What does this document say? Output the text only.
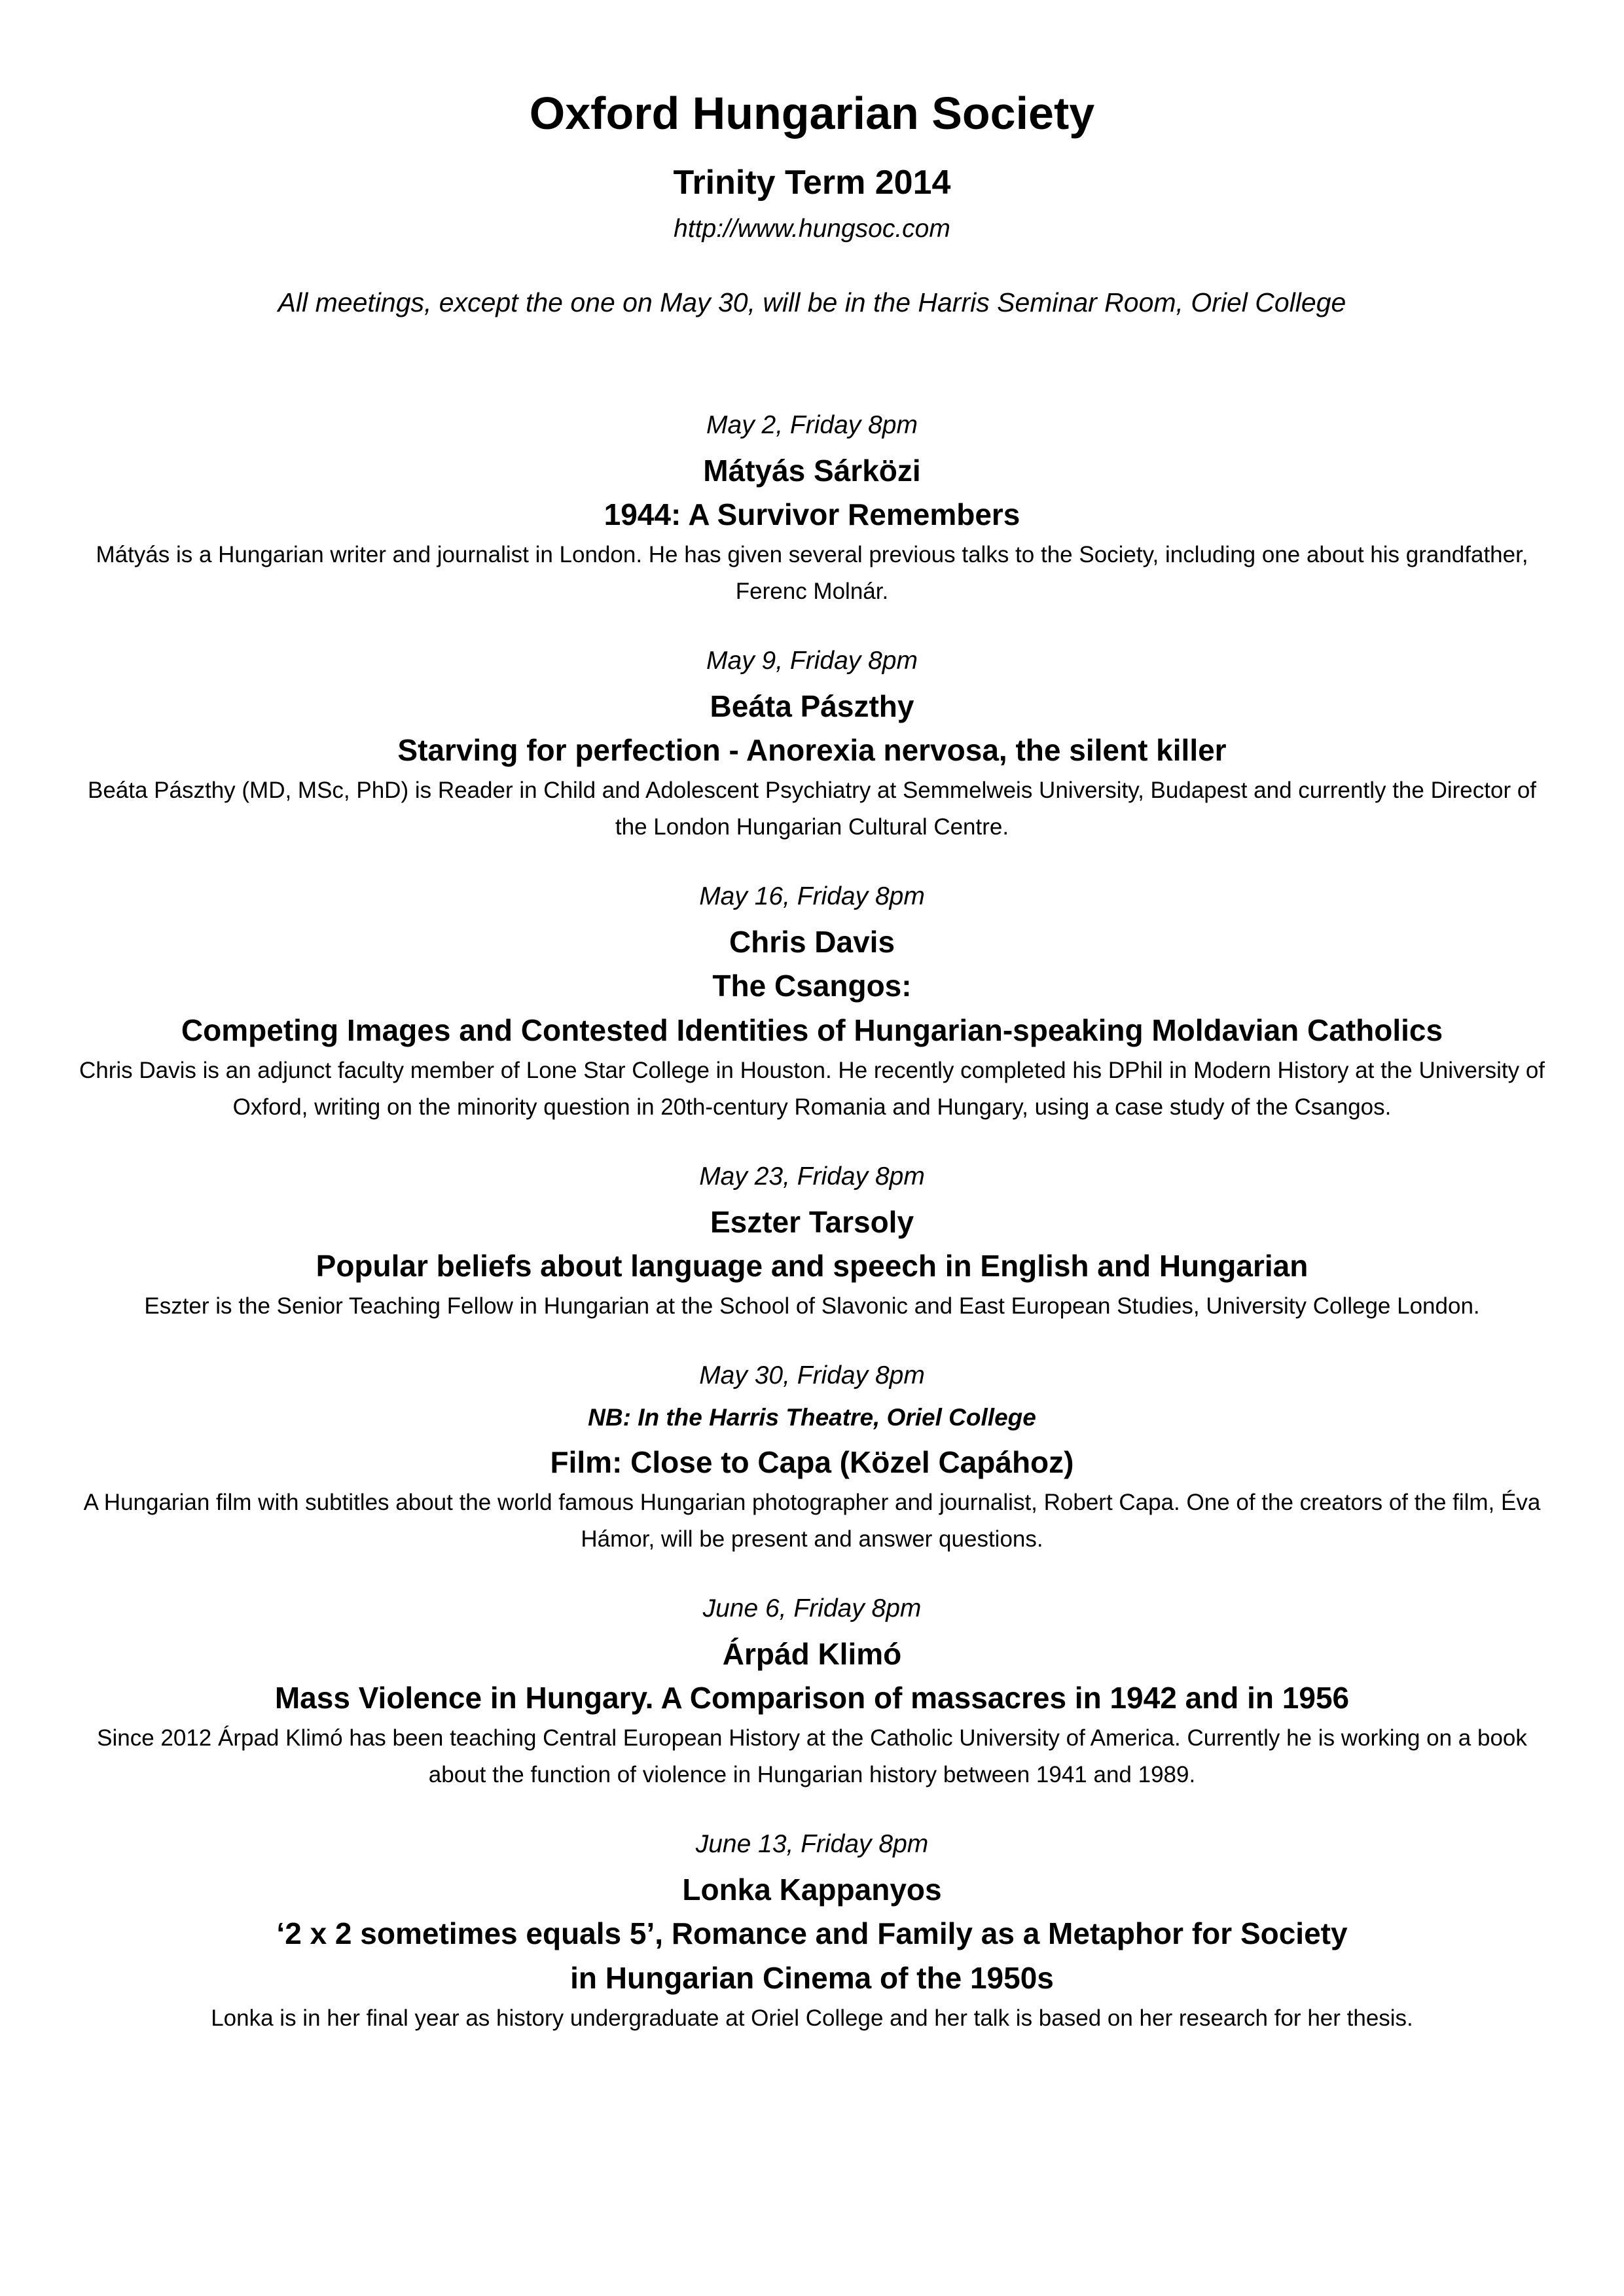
Oxford Hungarian Society
Trinity Term 2014
http://www.hungsoc.com
All meetings, except the one on May 30, will be in the Harris Seminar Room, Oriel College
May 2, Friday 8pm
Mátyás Sárközi
1944: A Survivor Remembers
Mátyás is a Hungarian writer and journalist in London. He has given several previous talks to the Society, including one about his grandfather, Ferenc Molnár.
May 9, Friday 8pm
Beáta Pászthy
Starving for perfection - Anorexia nervosa, the silent killer
Beáta Pászthy (MD, MSc, PhD) is Reader in Child and Adolescent Psychiatry at Semmelweis University, Budapest and currently the Director of the London Hungarian Cultural Centre.
May 16, Friday 8pm
Chris Davis
The Csangos:
Competing Images and Contested Identities of Hungarian-speaking Moldavian Catholics
Chris Davis is an adjunct faculty member of Lone Star College in Houston. He recently completed his DPhil in Modern History at the University of Oxford, writing on the minority question in 20th-century Romania and Hungary, using a case study of the Csangos.
May 23, Friday 8pm
Eszter Tarsoly
Popular beliefs about language and speech in English and Hungarian
Eszter is the Senior Teaching Fellow in Hungarian at the School of Slavonic and East European Studies, University College London.
May 30, Friday 8pm
NB: In the Harris Theatre, Oriel College
Film: Close to Capa (Közel Capához)
A Hungarian film with subtitles about the world famous Hungarian photographer and journalist, Robert Capa. One of the creators of the film, Éva Hámor, will be present and answer questions.
June 6, Friday 8pm
Árpád Klimó
Mass Violence in Hungary. A Comparison of massacres in 1942 and in 1956
Since 2012 Árpad Klimó has been teaching Central European History at the Catholic University of America. Currently he is working on a book about the function of violence in Hungarian history between 1941 and 1989.
June 13, Friday 8pm
Lonka Kappanyos
‘2 x 2 sometimes equals 5’, Romance and Family as a Metaphor for Society
in Hungarian Cinema of the 1950s
Lonka is in her final year as history undergraduate at Oriel College and her talk is based on her research for her thesis.
